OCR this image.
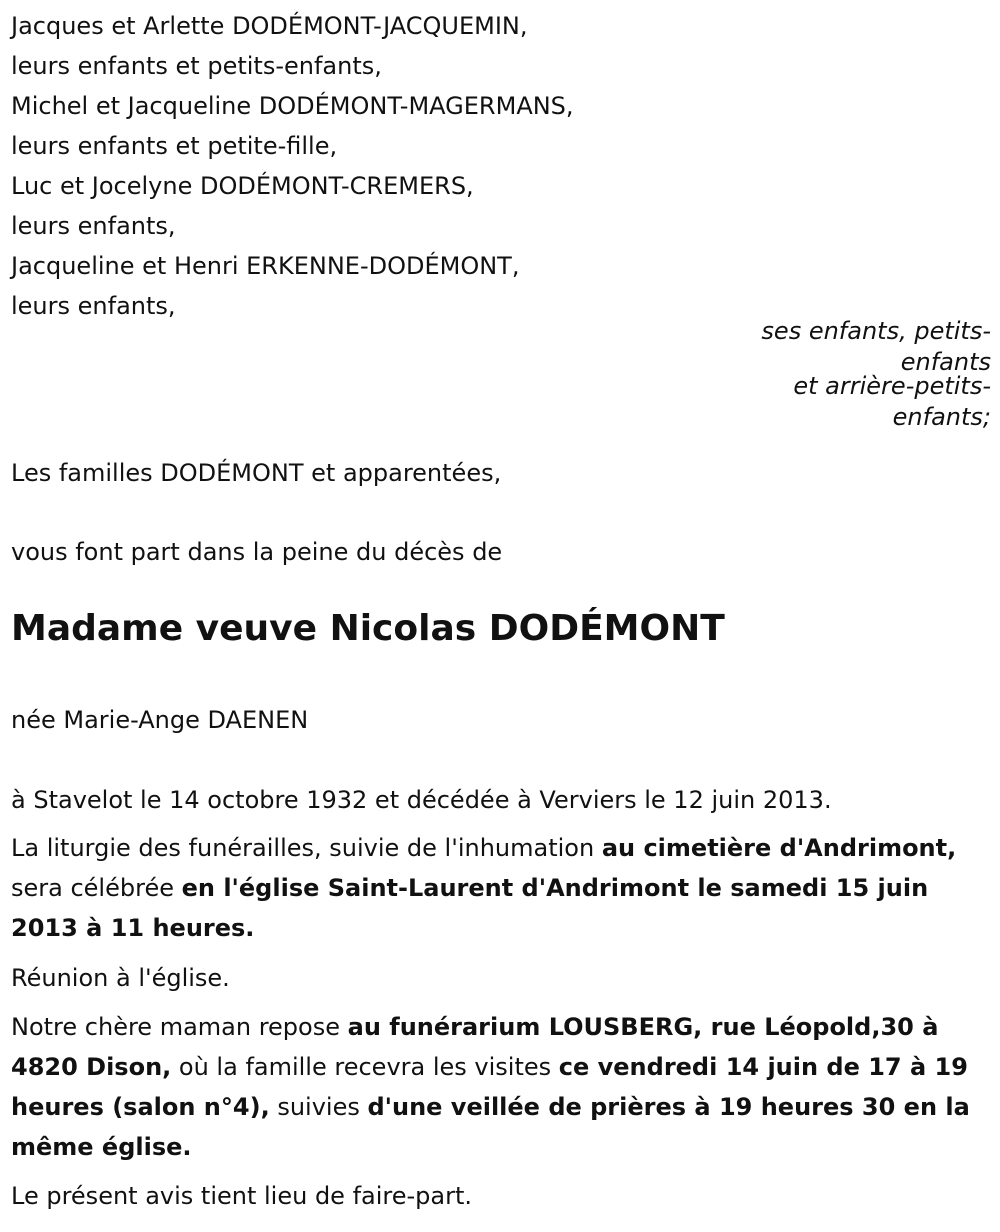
Jacques et Arlette DODÉMONT-JACQUEMIN,
leurs enfants et petits-enfants,
Michel et Jacqueline DODÉMONT-MAGERMANS,
leurs enfants et petite-fille,
Luc et Jocelyne DODÉMONT-CREMERS,
leurs enfants,
Jacqueline et Henri ERKENNE-DODÉMONT,
leurs enfants,
ses enfants, petits-
enfants
et arrière-petits-
enfants;
Les familles DODÉMONT et apparentées,
vous font part dans la peine du décès de
Madame veuve Nicolas DODÉMONT
née Marie-Ange DAENEN
à Stavelot le 14 octobre 1932 et décédée à Verviers le 12 juin 2013.
La liturgie des funérailles, suivie de l'inhumation au cimetière d'Andrimont, sera célébrée en l'église Saint-Laurent d'Andrimont le samedi 15 juin 2013 à 11 heures.
Réunion à l'église.
Notre chère maman repose au funérarium LOUSBERG, rue Léopold,30 à 4820 Dison, où la famille recevra les visites ce vendredi 14 juin de 17 à 19 heures (salon n°4), suivies d'une veillée de prières à 19 heures 30 en la même église.
Le présent avis tient lieu de faire-part.
